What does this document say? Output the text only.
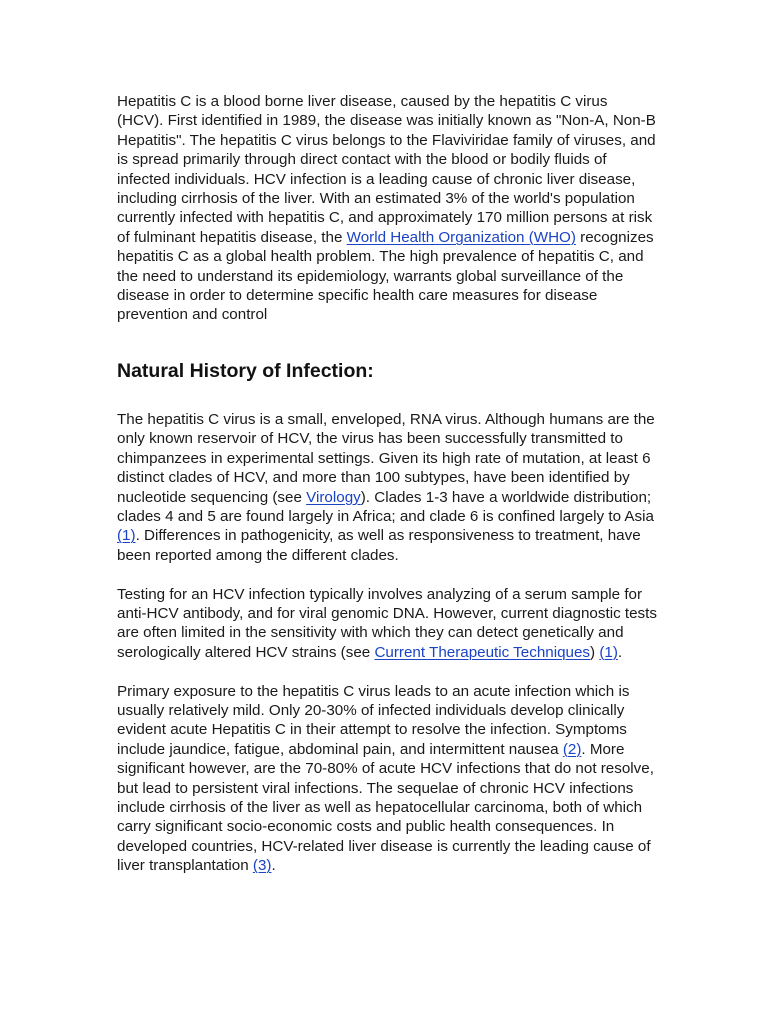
Hepatitis C is a blood borne liver disease, caused by the hepatitis C virus (HCV). First identified in 1989, the disease was initially known as "Non-A, Non-B Hepatitis". The hepatitis C virus belongs to the Flaviviridae family of viruses, and is spread primarily through direct contact with the blood or bodily fluids of infected individuals. HCV infection is a leading cause of chronic liver disease, including cirrhosis of the liver. With an estimated 3% of the world's population currently infected with hepatitis C, and approximately 170 million persons at risk of fulminant hepatitis disease, the World Health Organization (WHO) recognizes hepatitis C as a global health problem. The high prevalence of hepatitis C, and the need to understand its epidemiology, warrants global surveillance of the disease in order to determine specific health care measures for disease prevention and control

Natural History of Infection:

The hepatitis C virus is a small, enveloped, RNA virus. Although humans are the only known reservoir of HCV, the virus has been successfully transmitted to chimpanzees in experimental settings. Given its high rate of mutation, at least 6 distinct clades of HCV, and more than 100 subtypes, have been identified by nucleotide sequencing (see Virology). Clades 1-3 have a worldwide distribution; clades 4 and 5 are found largely in Africa; and clade 6 is confined largely to Asia (1). Differences in pathogenicity, as well as responsiveness to treatment, have been reported among the different clades.

Testing for an HCV infection typically involves analyzing of a serum sample for anti-HCV antibody, and for viral genomic DNA. However, current diagnostic tests are often limited in the sensitivity with which they can detect genetically and serologically altered HCV strains (see Current Therapeutic Techniques) (1).

Primary exposure to the hepatitis C virus leads to an acute infection which is usually relatively mild. Only 20-30% of infected individuals develop clinically evident acute Hepatitis C in their attempt to resolve the infection. Symptoms include jaundice, fatigue, abdominal pain, and intermittent nausea (2). More significant however, are the 70-80% of acute HCV infections that do not resolve, but lead to persistent viral infections. The sequelae of chronic HCV infections include cirrhosis of the liver as well as hepatocellular carcinoma, both of which carry significant socio-economic costs and public health consequences. In developed countries, HCV-related liver disease is currently the leading cause of liver transplantation (3).
